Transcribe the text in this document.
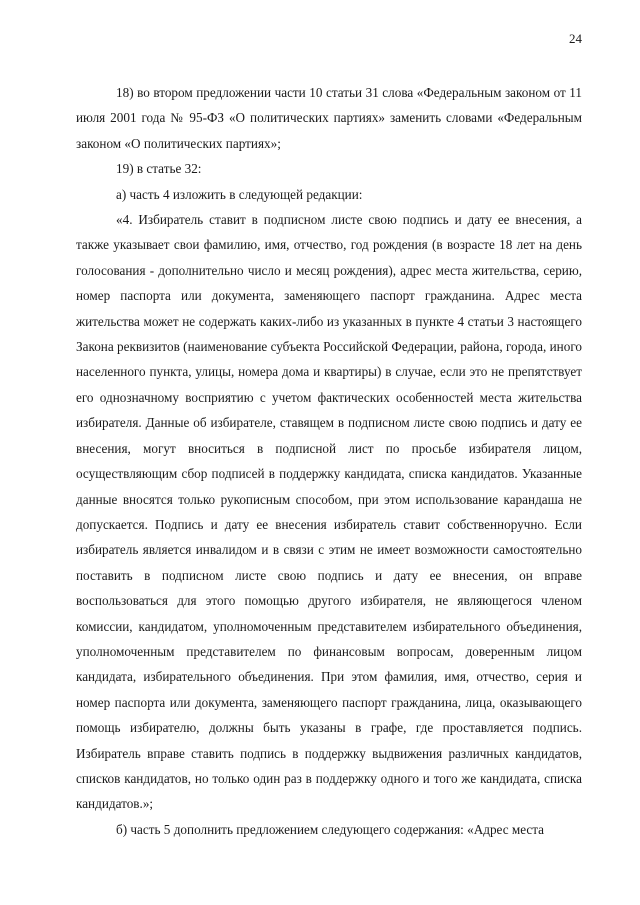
24

18) во втором предложении части 10 статьи 31 слова «Федеральным законом от 11 июля 2001 года № 95-ФЗ «О политических партиях» заменить словами «Федеральным законом «О политических партиях»;

19) в статье 32:

а) часть 4 изложить в следующей редакции:

«4. Избиратель ставит в подписном листе свою подпись и дату ее внесения, а также указывает свои фамилию, имя, отчество, год рождения (в возрасте 18 лет на день голосования - дополнительно число и месяц рождения), адрес места жительства, серию, номер паспорта или документа, заменяющего паспорт гражданина. Адрес места жительства может не содержать каких-либо из указанных в пункте 4 статьи 3 настоящего Закона реквизитов (наименование субъекта Российской Федерации, района, города, иного населенного пункта, улицы, номера дома и квартиры) в случае, если это не препятствует его однозначному восприятию с учетом фактических особенностей места жительства избирателя. Данные об избирателе, ставящем в подписном листе свою подпись и дату ее внесения, могут вноситься в подписной лист по просьбе избирателя лицом, осуществляющим сбор подписей в поддержку кандидата, списка кандидатов. Указанные данные вносятся только рукописным способом, при этом использование карандаша не допускается. Подпись и дату ее внесения избиратель ставит собственноручно. Если избиратель является инвалидом и в связи с этим не имеет возможности самостоятельно поставить в подписном листе свою подпись и дату ее внесения, он вправе воспользоваться для этого помощью другого избирателя, не являющегося членом комиссии, кандидатом, уполномоченным представителем избирательного объединения, уполномоченным представителем по финансовым вопросам, доверенным лицом кандидата, избирательного объединения. При этом фамилия, имя, отчество, серия и номер паспорта или документа, заменяющего паспорт гражданина, лица, оказывающего помощь избирателю, должны быть указаны в графе, где проставляется подпись. Избиратель вправе ставить подпись в поддержку выдвижения различных кандидатов, списков кандидатов, но только один раз в поддержку одного и того же кандидата, списка кандидатов.»;

б) часть 5 дополнить предложением следующего содержания: «Адрес места
